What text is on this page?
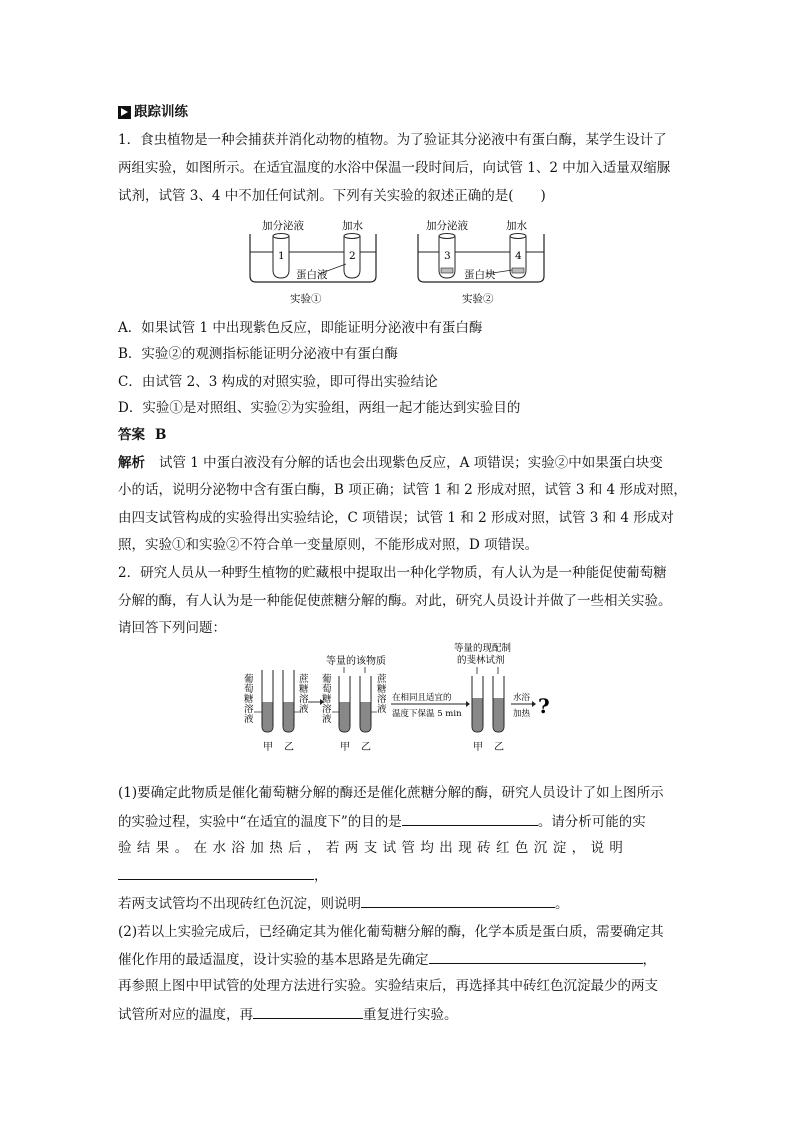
跟踪训练
1．食虫植物是一种会捕获并消化动物的植物。为了验证其分泌液中有蛋白酶，某学生设计了
两组实验，如图所示。在适宜温度的水浴中保温一段时间后，向试管 1、2 中加入适量双缩脲
试剂，试管 3、4 中不加任何试剂。下列有关实验的叙述正确的是(　　)
加分泌液	加水
1	2
蛋白液
实验①
加分泌液	加水
3	4
蛋白块
实验②
A．如果试管 1 中出现紫色反应，即能证明分泌液中有蛋白酶
B．实验②的观测指标能证明分泌液中有蛋白酶
C．由试管 2、3 构成的对照实验，即可得出实验结论
D．实验①是对照组、实验②为实验组，两组一起才能达到实验目的
答案 B
解析 试管 1 中蛋白液没有分解的话也会出现紫色反应，A 项错误；实验②中如果蛋白块变
小的话，说明分泌物中含有蛋白酶，B 项正确；试管 1 和 2 形成对照，试管 3 和 4 形成对照，
由四支试管构成的实验得出实验结论，C 项错误；试管 1 和 2 形成对照，试管 3 和 4 形成对
照，实验①和实验②不符合单一变量原则，不能形成对照，D 项错误。
2．研究人员从一种野生植物的贮藏根中提取出一种化学物质，有人认为是一种能促使葡萄糖
分解的酶，有人认为是一种能促使蔗糖分解的酶。对此，研究人员设计并做了一些相关实验。
请回答下列问题：
葡萄糖溶液
蔗糖溶液
甲 乙
等量的该物质
葡萄糖溶液
蔗糖溶液
甲 乙
在相同且适宜的
温度下保温 5 min
等量的现配制
的斐林试剂
甲 乙
水浴
加热 ?
(1)要确定此物质是催化葡萄糖分解的酶还是催化蔗糖分解的酶，研究人员设计了如上图所示
的实验过程，实验中“在适宜的温度下”的目的是	。请分析可能的实
验结果。在水浴加热后，若两支试管均出现砖红色沉淀，说明
，
若两支试管均不出现砖红色沉淀，则说明	。
(2)若以上实验完成后，已经确定其为催化葡萄糖分解的酶，化学本质是蛋白质，需要确定其
催化作用的最适温度，设计实验的基本思路是先确定	，
再参照上图中甲试管的处理方法进行实验。实验结束后，再选择其中砖红色沉淀最少的两支
试管所对应的温度，再	重复进行实验。
